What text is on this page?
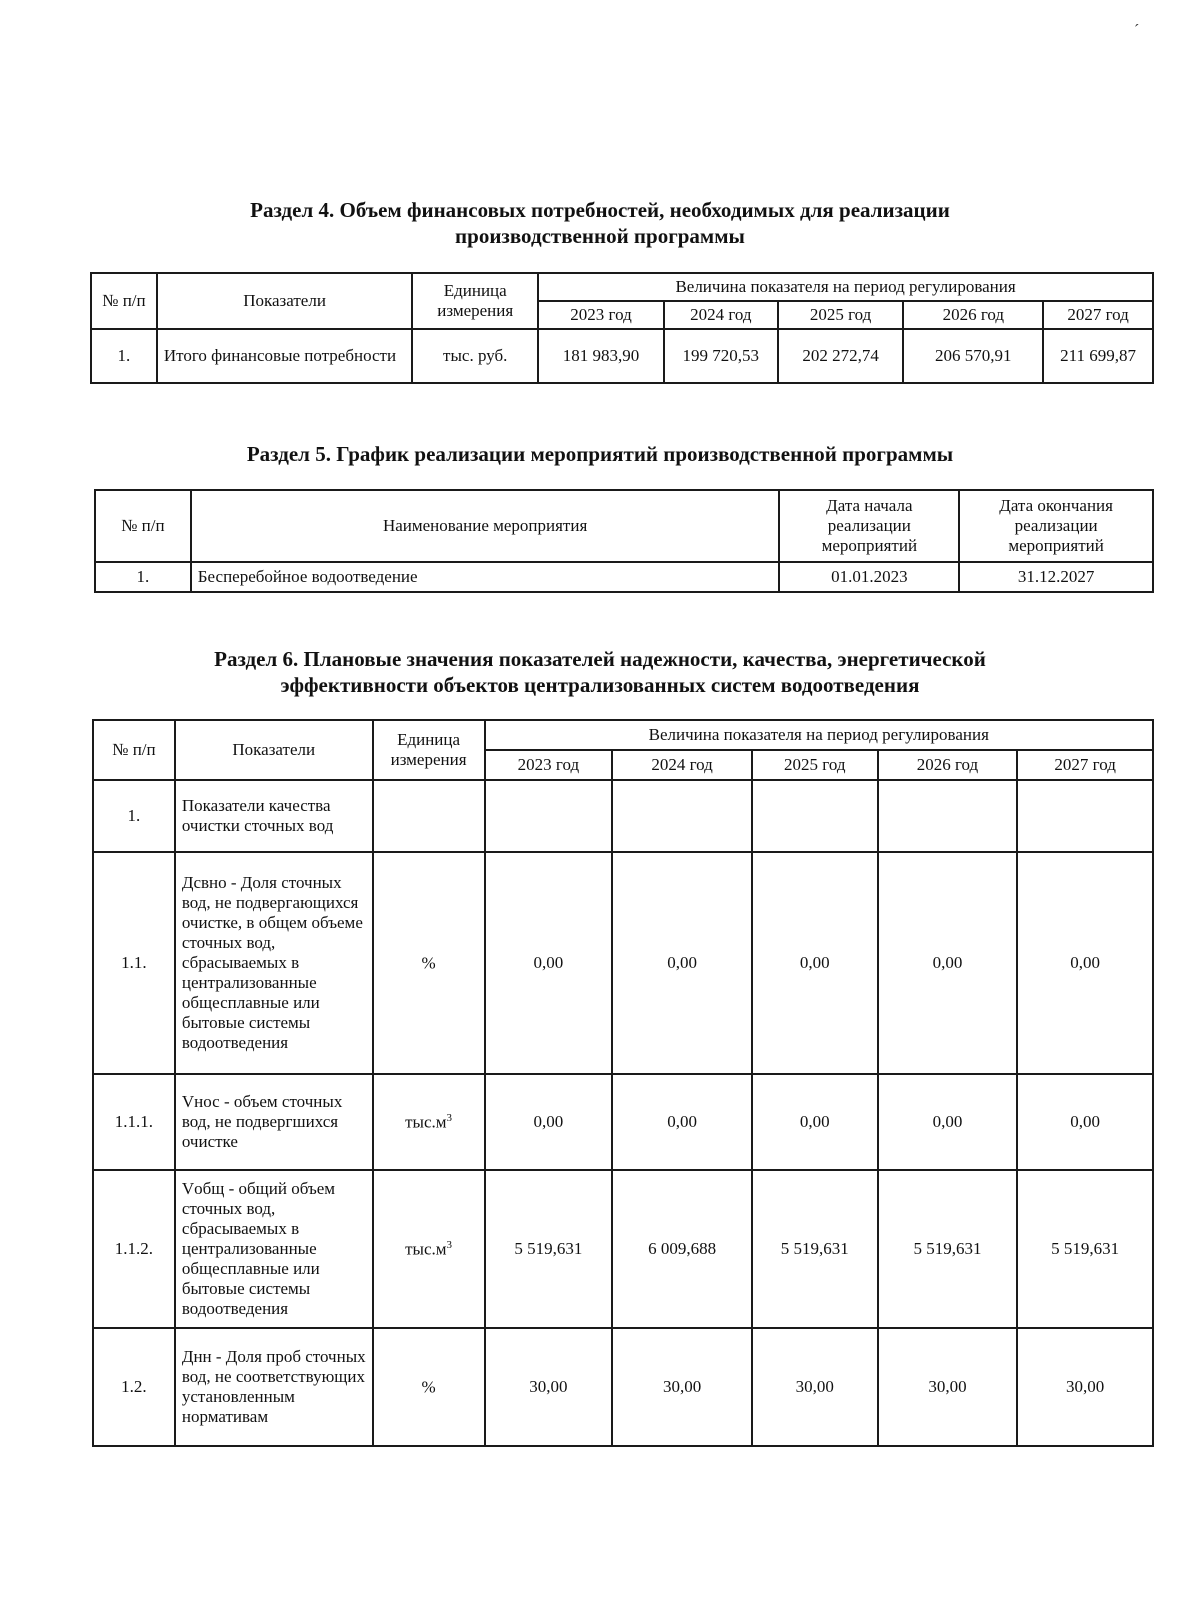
ˊ
Раздел 4. Объем финансовых потребностей, необходимых для реализации
производственной программы
№ п/п	Показатели	Единица измерения	Величина показателя на период регулирования				
			2023 год	2024 год	2025 год	2026 год	2027 год
1.	Итого финансовые потребности	тыс. руб.	181 983,90	199 720,53	202 272,74	206 570,91	211 699,87
Раздел 5. График реализации мероприятий производственной программы
№ п/п	Наименование мероприятия	Дата начала реализации мероприятий	Дата окончания реализации мероприятий
1.	Бесперебойное водоотведение	01.01.2023	31.12.2027
Раздел 6. Плановые значения показателей надежности, качества, энергетической
эффективности объектов централизованных систем водоотведения
№ п/п	Показатели	Единица измерения	Величина показателя на период регулирования				
			2023 год	2024 год	2025 год	2026 год	2027 год
1.	Показатели качества очистки сточных вод						
1.1.	Дсвно - Доля сточных вод, не подвергающихся очистке, в общем объеме сточных вод, сбрасываемых в централизованные общесплавные или бытовые системы водоотведения	%	0,00	0,00	0,00	0,00	0,00
1.1.1.	Vнос - объем сточных вод, не подвергшихся очистке	$тыс.м^3$	0,00	0,00	0,00	0,00	0,00
1.1.2.	Vобщ - общий объем сточных вод, сбрасываемых в централизованные общесплавные или бытовые системы водоотведения	$тыс.м^3$	5 519,631	6 009,688	5 519,631	5 519,631	5 519,631
1.2.	Днн - Доля проб сточных вод, не соответствующих установленным нормативам	%	30,00	30,00	30,00	30,00	30,00
